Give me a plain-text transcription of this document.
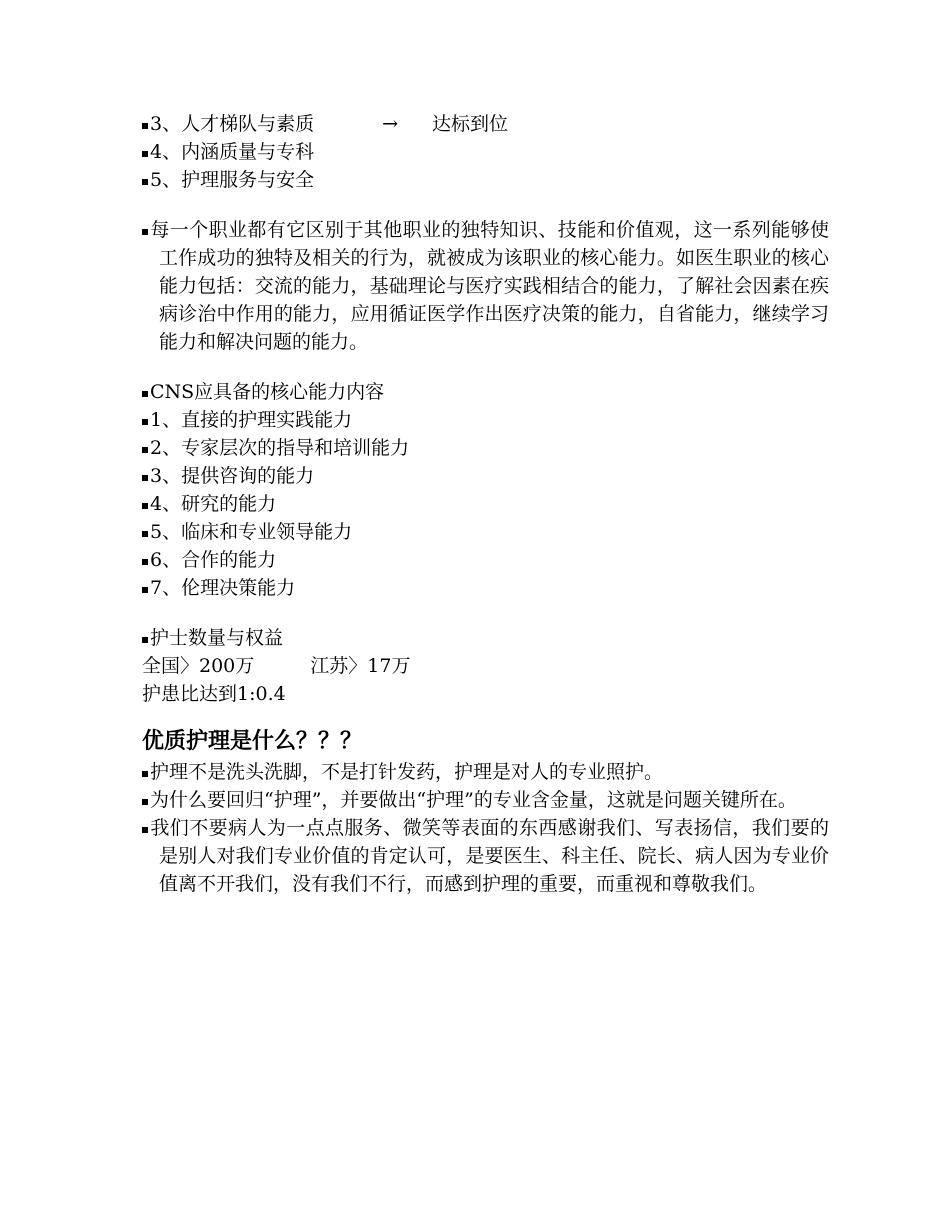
3、人才梯队与素质	→ 达标到位
4、内涵质量与专科
5、护理服务与安全
每一个职业都有它区别于其他职业的独特知识、技能和价值观，这一系列能够使工作成功的独特及相关的行为，就被成为该职业的核心能力。如医生职业的核心能力包括：交流的能力，基础理论与医疗实践相结合的能力，了解社会因素在疾病诊治中作用的能力，应用循证医学作出医疗决策的能力，自省能力，继续学习能力和解决问题的能力。
CNS应具备的核心能力内容
1、直接的护理实践能力
2、专家层次的指导和培训能力
3、提供咨询的能力
4、研究的能力
5、临床和专业领导能力
6、合作的能力
7、伦理决策能力
护士数量与权益
全国〉200万	江苏〉17万
护患比达到1:0.4
优质护理是什么？？？
护理不是洗头洗脚，不是打针发药，护理是对人的专业照护。
为什么要回归“护理”，并要做出“护理”的专业含金量，这就是问题关键所在。
我们不要病人为一点点服务、微笑等表面的东西感谢我们、写表扬信，我们要的是别人对我们专业价值的肯定认可，是要医生、科主任、院长、病人因为专业价值离不开我们，没有我们不行，而感到护理的重要，而重视和尊敬我们。
